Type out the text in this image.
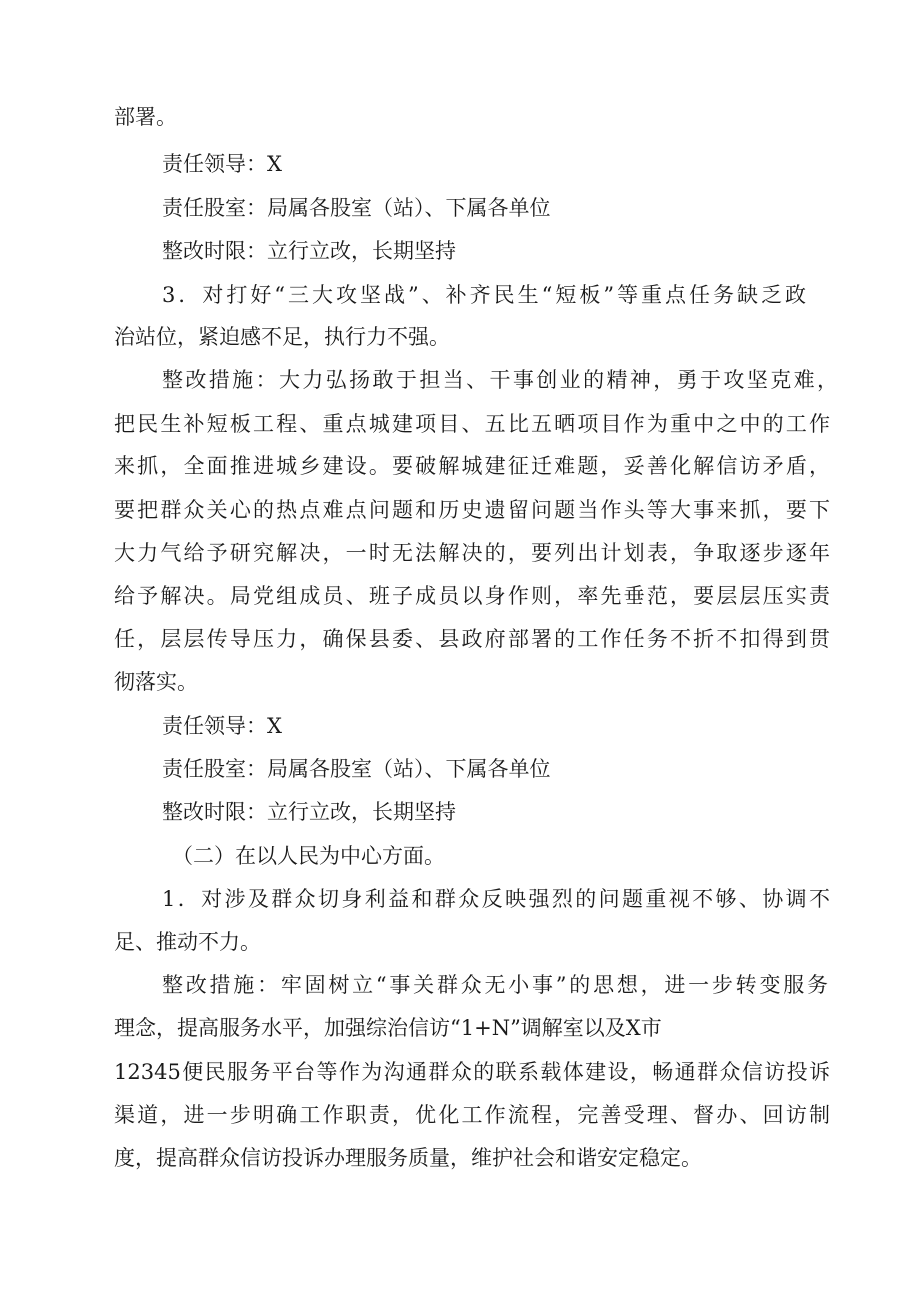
部署。
责任领导：X
责任股室：局属各股室（站）、下属各单位
整改时限：立行立改，长期坚持
3．对打好“三大攻坚战”、补齐民生“短板”等重点任务缺乏政
治站位，紧迫感不足，执行力不强。
整改措施：大力弘扬敢于担当、干事创业的精神，勇于攻坚克难，
把民生补短板工程、重点城建项目、五比五晒项目作为重中之中的工作
来抓，全面推进城乡建设。要破解城建征迁难题，妥善化解信访矛盾，
要把群众关心的热点难点问题和历史遗留问题当作头等大事来抓，要下
大力气给予研究解决，一时无法解决的，要列出计划表，争取逐步逐年
给予解决。局党组成员、班子成员以身作则，率先垂范，要层层压实责
任，层层传导压力，确保县委、县政府部署的工作任务不折不扣得到贯
彻落实。
责任领导：X
责任股室：局属各股室（站）、下属各单位
整改时限：立行立改，长期坚持
（二）在以人民为中心方面。
1．对涉及群众切身利益和群众反映强烈的问题重视不够、协调不
足、推动不力。
整改措施：牢固树立“事关群众无小事”的思想，进一步转变服务
理念，提高服务水平，加强综治信访“1+N”调解室以及X市
12345便民服务平台等作为沟通群众的联系载体建设，畅通群众信访投诉
渠道，进一步明确工作职责，优化工作流程，完善受理、督办、回访制
度，提高群众信访投诉办理服务质量，维护社会和谐安定稳定。
